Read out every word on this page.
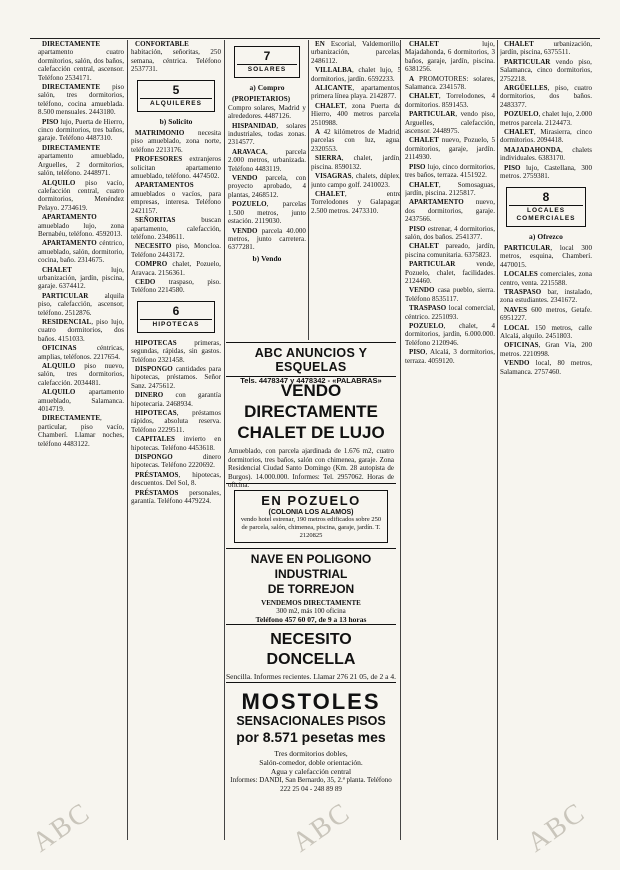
DIRECTAMENTE apartamento cuatro dormitorios, salón, dos baños, calefacción central, ascensor. Teléfono 2534171.

DIRECTAMENTE piso salón, tres dormitorios, teléfono, cocina amueblada. 8.500 mensuales. 2443180.

PISO lujo, Puerta de Hierro, cinco dormitorios, tres baños, garaje. Teléfono 4487310.

DIRECTAMENTE apartamento amueblado, Arguelles, 2 dormitorios, salón, teléfono. 2448971.

ALQUILO piso vacío, calefacción central, cuatro dormitorios, Menéndez Pelayo. 2734619.

APARTAMENTO amueblado lujo, zona Bernabéu, teléfono. 4592013.

APARTAMENTO céntrico, amueblado, salón, dormitorio, cocina, baño. 2314675.

CHALET lujo, urbanización, jardín, piscina, garaje. 6374412.

PARTICULAR alquila piso, calefacción, ascensor, teléfono. 2512876.

RESIDENCIAL, piso lujo, cuatro dormitorios, dos baños. 4151033.

OFICINAS céntricas, amplias, teléfonos. 2217654.

ALQUILO piso nuevo, salón, tres dormitorios, calefacción. 2034481.

ALQUILO apartamento amueblado, Salamanca. 4014719.

DIRECTAMENTE, particular, piso vacío, Chamberí. Llamar noches, teléfono 4483122.

CONFORTABLE habitación, señoritas, 250 semana, céntrica. Teléfono 2537731.

5
ALQUILERES
b) Solicito

MATRIMONIO necesita piso amueblado, zona norte, teléfono 2213176.

PROFESORES extranjeros solicitan apartamento amueblado, teléfono. 4474502.

APARTAMENTOS amueblados o vacíos, para empresas, interesa. Teléfono 2421157.

SEÑORITAS buscan apartamento, calefacción, teléfono. 2348611.

NECESITO piso, Moncloa. Teléfono 2443172.

COMPRO chalet, Pozuelo, Aravaca. 2156361.

CEDO traspaso, piso. Teléfono 2214580.

6
HIPOTECAS

HIPOTECAS primeras, segundas, rápidas, sin gastos. Teléfono 2321458.

DISPONGO cantidades para hipotecas, préstamos. Señor Sanz. 2475612.

DINERO con garantía hipotecaria. 2468934.

HIPOTECAS, préstamos rápidos, absoluta reserva. Teléfono 2229511.

CAPITALES invierto en hipotecas. Teléfono 4453618.

DISPONGO dinero hipotecas. Teléfono 2220692.

PRÉSTAMOS, hipotecas, descuentos. Del Sol, 8.

PRÉSTAMOS personales, garantía. Teléfono 4479224.

7
SOLARES
a) Compro

(PROPIETARIOS) Compro solares, Madrid y alrededores. 4487126.

HISPANIDAD, solares industriales, todas zonas. 2314577.

ARAVACA, parcela 2.000 metros, urbanizada. Teléfono 4483119.

VENDO parcela, con proyecto aprobado, 4 plantas, 2468512.

POZUELO, parcelas 1.500 metros, junto estación. 2119030.

VENDO parcela 40.000 metros, junto carretera. 6377281.

b) Vendo

EN Escorial, Valdemorillo, urbanización, parcelas, 2486112.

VILLALBA, chalet lujo, 5 dormitorios, jardín. 6592233.

ALICANTE, apartamentos, primera línea playa. 2142877.

CHALET, zona Puerta de Hierro, 400 metros parcela. 2510988.

A 42 kilómetros de Madrid, parcelas con luz, agua. 2320553.

SIERRA, chalet, jardín, piscina. 8590132.

VISAGRAS, chalets, dúplex, junto campo golf. 2410023.

CHALET, entre Torrelodones y Galapagar, 2.500 metros. 2473310.

ABC ANUNCIOS Y ESQUELAS
Tels. 4478347 y 4478342 - «PALABRAS»
VENDO DIRECTAMENTE
CHALET DE LUJO
Amueblado, con parcela ajardinada de 1.676 m2, cuatro dormitorios, tres baños, salón con chimenea, garaje. Zona Residencial Ciudad Santo Domingo (Km. 28 autopista de Burgos). 14.000.000. Informes: Tel. 2957062. Horas de oficina.
EN POZUELO
(COLONIA LOS ALAMOS)
vendo hotel estrenar, 190 metros edificados sobre 250 de parcela, salón, chimenea, piscina, garaje, jardín. T. 2120825
NAVE EN POLIGONO INDUSTRIAL
DE TORREJON
VENDEMOS DIRECTAMENTE
300 m2, más 100 oficina
Teléfono 457 60 07, de 9 a 13 horas
NECESITO DONCELLA
Sencilla. Informes recientes. Llamar 276 21 05, de 2 a 4.
MOSTOLES
SENSACIONALES PISOS
por 8.571 pesetas mes
Tres dormitorios dobles,
Salón-comedor, doble orientación.
Agua y calefacción central
Informes: DANDI, San Bernardo, 35, 2.ª planta. Teléfono 222 25 04 - 248 89 89

CHALET lujo, Majadahonda, 6 dormitorios, 3 baños, garaje, jardín, piscina. 6381256.

A PROMOTORES: solares, Salamanca. 2341578.

CHALET, Torrelodones, 4 dormitorios. 8591453.

PARTICULAR, vendo piso, Arguelles, calefacción, ascensor. 2448975.

CHALET nuevo, Pozuelo, 5 dormitorios, garaje, jardín. 2114930.

PISO lujo, cinco dormitorios, tres baños, terraza. 4151922.

CHALET, Somosaguas, jardín, piscina. 2125817.

APARTAMENTO nuevo, dos dormitorios, garaje. 2437566.

PISO estrenar, 4 dormitorios, salón, dos baños. 2541377.

CHALET pareado, jardín, piscina comunitaria. 6375823.

PARTICULAR vende, Pozuelo, chalet, facilidades. 2124460.

VENDO casa pueblo, sierra. Teléfono 8535117.

TRASPASO local comercial, céntrico. 2251093.

POZUELO, chalet, 4 dormitorios, jardín, 6.000.000. Teléfono 2120946.

PISO, Alcalá, 3 dormitorios, terraza. 4059120.

CHALET urbanización, jardín, piscina, 6375511.

PARTICULAR vendo piso, Salamanca, cinco dormitorios, 2752218.

ARGÜELLES, piso, cuatro dormitorios, dos baños. 2483377.

POZUELO, chalet lujo, 2.000 metros parcela. 2124473.

CHALET, Mirasierra, cinco dormitorios. 2094418.

MAJADAHONDA, chalets individuales. 6383170.

PISO lujo, Castellana, 300 metros. 2759381.

8
LOCALES COMERCIALES
a) Ofrezco

PARTICULAR, local 300 metros, esquina, Chamberí. 4470015.

LOCALES comerciales, zona centro, venta. 2215588.

TRASPASO bar, instalado, zona estudiantes. 2341672.

NAVES 600 metros, Getafe. 6951227.

LOCAL 150 metros, calle Alcalá, alquilo. 2451803.

OFICINAS, Gran Vía, 200 metros. 2210998.

VENDO local, 80 metros, Salamanca. 2757460.

ABC	ABC	ABC
